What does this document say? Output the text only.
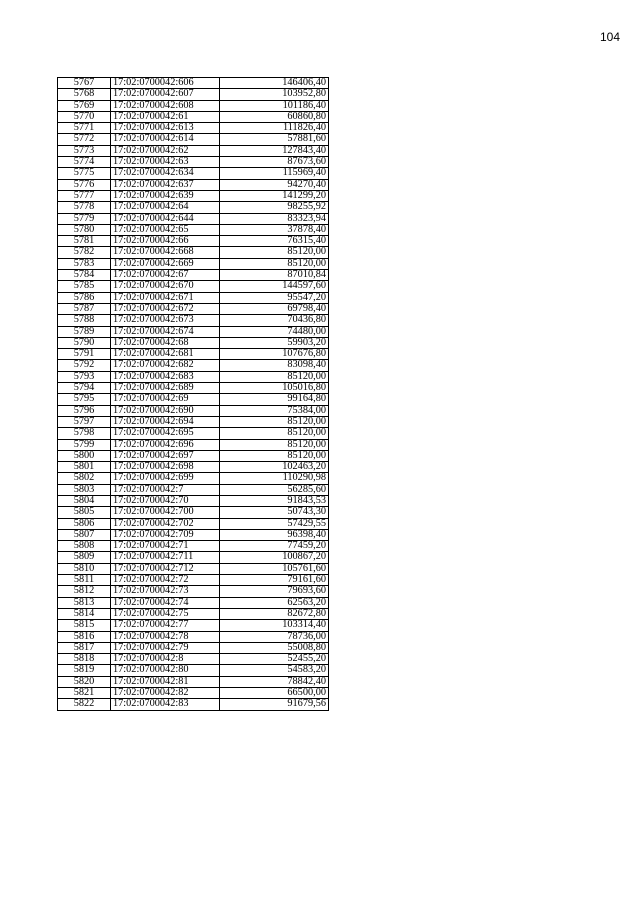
104
5767	17:02:0700042:606	146406,40
5768	17:02:0700042:607	103952,80
5769	17:02:0700042:608	101186,40
5770	17:02:0700042:61	60860,80
5771	17:02:0700042:613	111826,40
5772	17:02:0700042:614	57881,60
5773	17:02:0700042:62	127843,40
5774	17:02:0700042:63	87673,60
5775	17:02:0700042:634	115969,40
5776	17:02:0700042:637	94270,40
5777	17:02:0700042:639	141299,20
5778	17:02:0700042:64	98255,92
5779	17:02:0700042:644	83323,94
5780	17:02:0700042:65	37878,40
5781	17:02:0700042:66	76315,40
5782	17:02:0700042:668	85120,00
5783	17:02:0700042:669	85120,00
5784	17:02:0700042:67	87010,84
5785	17:02:0700042:670	144597,60
5786	17:02:0700042:671	95547,20
5787	17:02:0700042:672	69798,40
5788	17:02:0700042:673	70436,80
5789	17:02:0700042:674	74480,00
5790	17:02:0700042:68	59903,20
5791	17:02:0700042:681	107676,80
5792	17:02:0700042:682	83098,40
5793	17:02:0700042:683	85120,00
5794	17:02:0700042:689	105016,80
5795	17:02:0700042:69	99164,80
5796	17:02:0700042:690	75384,00
5797	17:02:0700042:694	85120,00
5798	17:02:0700042:695	85120,00
5799	17:02:0700042:696	85120,00
5800	17:02:0700042:697	85120,00
5801	17:02:0700042:698	102463,20
5802	17:02:0700042:699	110290,98
5803	17:02:0700042:7	56285,60
5804	17:02:0700042:70	91843,53
5805	17:02:0700042:700	50743,30
5806	17:02:0700042:702	57429,55
5807	17:02:0700042:709	96398,40
5808	17:02:0700042:71	77459,20
5809	17:02:0700042:711	100867,20
5810	17:02:0700042:712	105761,60
5811	17:02:0700042:72	79161,60
5812	17:02:0700042:73	79693,60
5813	17:02:0700042:74	62563,20
5814	17:02:0700042:75	82672,80
5815	17:02:0700042:77	103314,40
5816	17:02:0700042:78	78736,00
5817	17:02:0700042:79	55008,80
5818	17:02:0700042:8	52455,20
5819	17:02:0700042:80	54583,20
5820	17:02:0700042:81	78842,40
5821	17:02:0700042:82	66500,00
5822	17:02:0700042:83	91679,56
